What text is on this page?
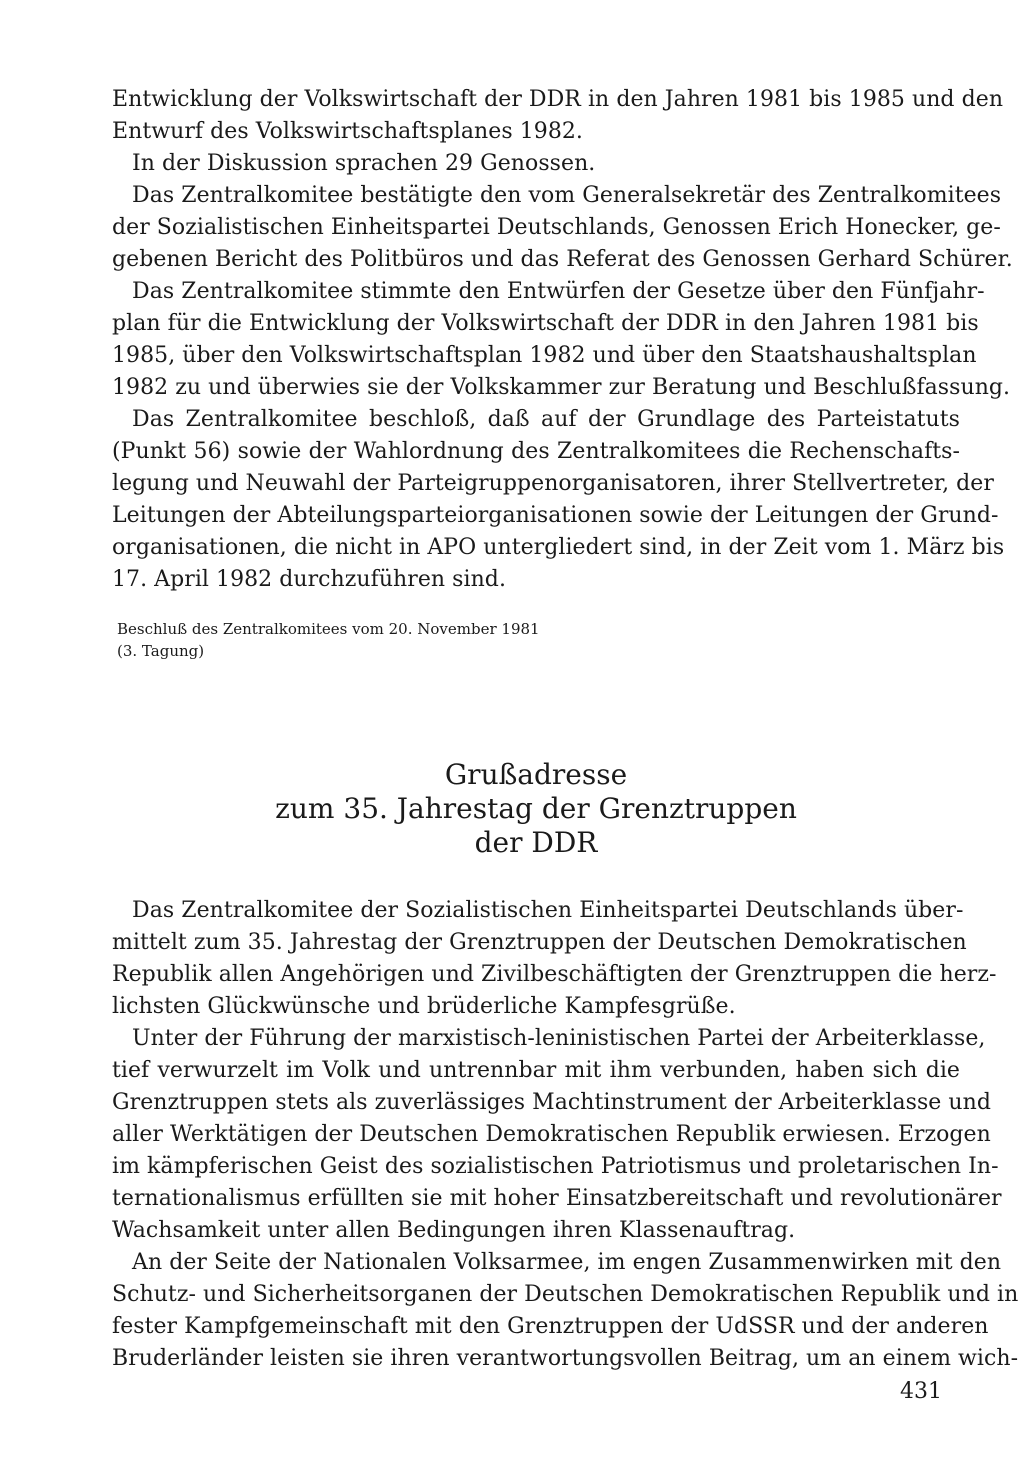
Entwicklung der Volkswirtschaft der DDR in den Jahren 1981 bis 1985 und den
Entwurf des Volkswirtschaftsplanes 1982.
In der Diskussion sprachen 29 Genossen.
Das Zentralkomitee bestätigte den vom Generalsekretär des Zentralkomitees
der Sozialistischen Einheitspartei Deutschlands, Genossen Erich Honecker, ge-
gebenen Bericht des Politbüros und das Referat des Genossen Gerhard Schürer.
Das Zentralkomitee stimmte den Entwürfen der Gesetze über den Fünfjahr-
plan für die Entwicklung der Volkswirtschaft der DDR in den Jahren 1981 bis
1985, über den Volkswirtschaftsplan 1982 und über den Staatshaushaltsplan
1982 zu und überwies sie der Volkskammer zur Beratung und Beschlußfassung.
Das Zentralkomitee beschloß, daß auf der Grundlage des Parteistatuts
(Punkt 56) sowie der Wahlordnung des Zentralkomitees die Rechenschafts-
legung und Neuwahl der Parteigruppenorganisatoren, ihrer Stellvertreter, der
Leitungen der Abteilungsparteiorganisationen sowie der Leitungen der Grund-
organisationen, die nicht in APO untergliedert sind, in der Zeit vom 1. März bis
17. April 1982 durchzuführen sind.
Beschluß des Zentralkomitees vom 20. November 1981
(3. Tagung)
Grußadresse
zum 35. Jahrestag der Grenztruppen
der DDR
Das Zentralkomitee der Sozialistischen Einheitspartei Deutschlands über-
mittelt zum 35. Jahrestag der Grenztruppen der Deutschen Demokratischen
Republik allen Angehörigen und Zivilbeschäftigten der Grenztruppen die herz-
lichsten Glückwünsche und brüderliche Kampfesgrüße.
Unter der Führung der marxistisch-leninistischen Partei der Arbeiterklasse,
tief verwurzelt im Volk und untrennbar mit ihm verbunden, haben sich die
Grenztruppen stets als zuverlässiges Machtinstrument der Arbeiterklasse und
aller Werktätigen der Deutschen Demokratischen Republik erwiesen. Erzogen
im kämpferischen Geist des sozialistischen Patriotismus und proletarischen In-
ternationalismus erfüllten sie mit hoher Einsatzbereitschaft und revolutionärer
Wachsamkeit unter allen Bedingungen ihren Klassenauftrag.
An der Seite der Nationalen Volksarmee, im engen Zusammenwirken mit den
Schutz- und Sicherheitsorganen der Deutschen Demokratischen Republik und in
fester Kampfgemeinschaft mit den Grenztruppen der UdSSR und der anderen
Bruderländer leisten sie ihren verantwortungsvollen Beitrag, um an einem wich-
431
